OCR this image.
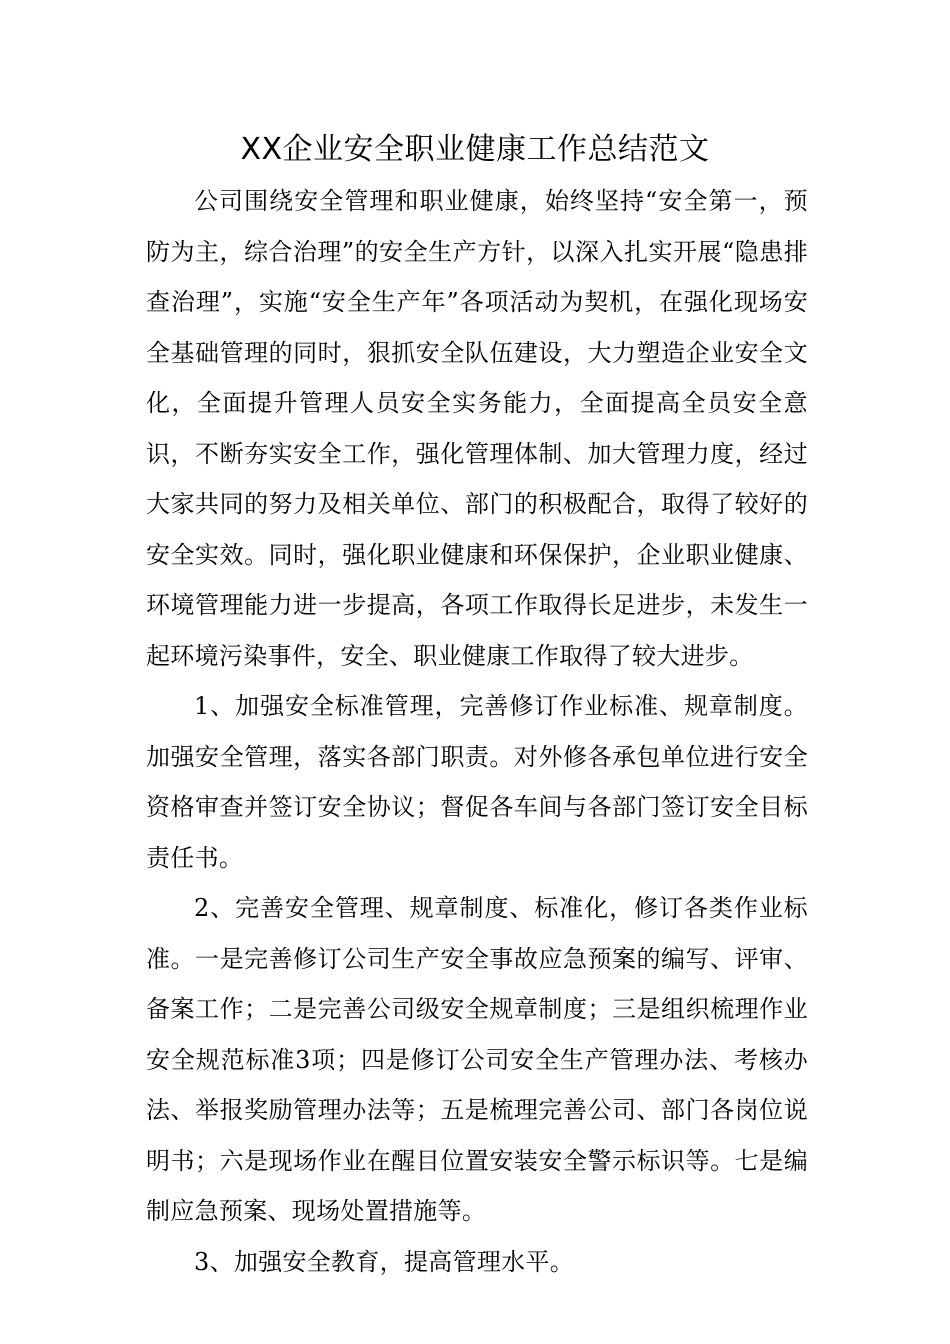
XX企业安全职业健康工作总结范文

公司围绕安全管理和职业健康，始终坚持“安全第一，预防为主，综合治理”的安全生产方针，以深入扎实开展“隐患排查治理”，实施“安全生产年”各项活动为契机，在强化现场安全基础管理的同时，狠抓安全队伍建设，大力塑造企业安全文化，全面提升管理人员安全实务能力，全面提高全员安全意识，不断夯实安全工作，强化管理体制、加大管理力度，经过大家共同的努力及相关单位、部门的积极配合，取得了较好的安全实效。同时，强化职业健康和环保保护，企业职业健康、环境管理能力进一步提高，各项工作取得长足进步，未发生一起环境污染事件，安全、职业健康工作取得了较大进步。

1、加强安全标准管理，完善修订作业标准、规章制度。加强安全管理，落实各部门职责。对外修各承包单位进行安全资格审查并签订安全协议；督促各车间与各部门签订安全目标责任书。

2、完善安全管理、规章制度、标准化，修订各类作业标准。一是完善修订公司生产安全事故应急预案的编写、评审、备案工作；二是完善公司级安全规章制度；三是组织梳理作业安全规范标准3项；四是修订公司安全生产管理办法、考核办法、举报奖励管理办法等；五是梳理完善公司、部门各岗位说明书；六是现场作业在醒目位置安装安全警示标识等。七是编制应急预案、现场处置措施等。

3、加强安全教育，提高管理水平。
